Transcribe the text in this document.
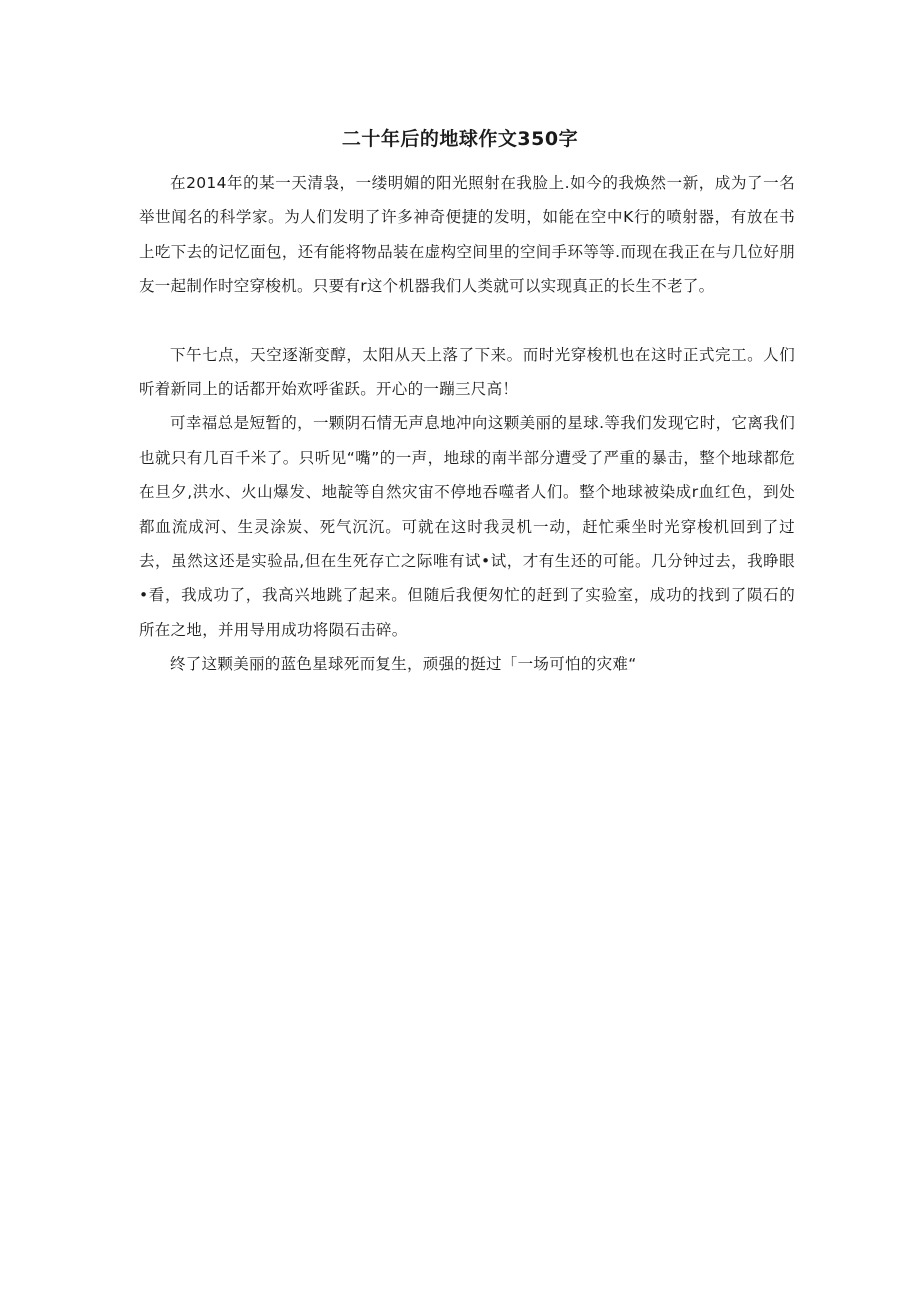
二十年后的地球作文350字

在2014年的某一天清袅，一缕明媚的阳光照射在我脸上.如今的我焕然一新，成为了一名举世闻名的科学家。为人们发明了许多神奇便捷的发明，如能在空中K行的喷射器，有放在书上吃下去的记忆面包，还有能将物品装在虚构空间里的空间手环等等.而现在我正在与几位好朋友一起制作时空穿梭机。只要有r这个机器我们人类就可以实现真正的长生不老了。

下午七点，天空逐渐变醇，太阳从天上落了下来。而时光穿梭机也在这时正式完工。人们听着新同上的话都开始欢呼雀跃。开心的一蹦三尺高！

可幸福总是短暂的，一颗阴石情无声息地冲向这颗美丽的星球.等我们发现它时，它离我们也就只有几百千米了。只听见“嘴”的一声，地球的南半部分遭受了严重的暴击，整个地球都危在旦夕,洪水、火山爆发、地靛等自然灾宙不停地吞噬者人们。整个地球被染成r血红色，到处都血流成河、生灵涂炭、死气沉沉。可就在这时我灵机一动，赶忙乘坐时光穿梭机回到了过去，虽然这还是实验品,但在生死存亡之际唯有试•试，才有生还的可能。几分钟过去，我睁眼•看，我成功了，我高兴地跳了起来。但随后我便匆忙的赶到了实验室，成功的找到了陨石的所在之地，并用导用成功将陨石击碎。

终了这颗美丽的蓝色星球死而复生，顽强的挺过「一场可怕的灾难“
